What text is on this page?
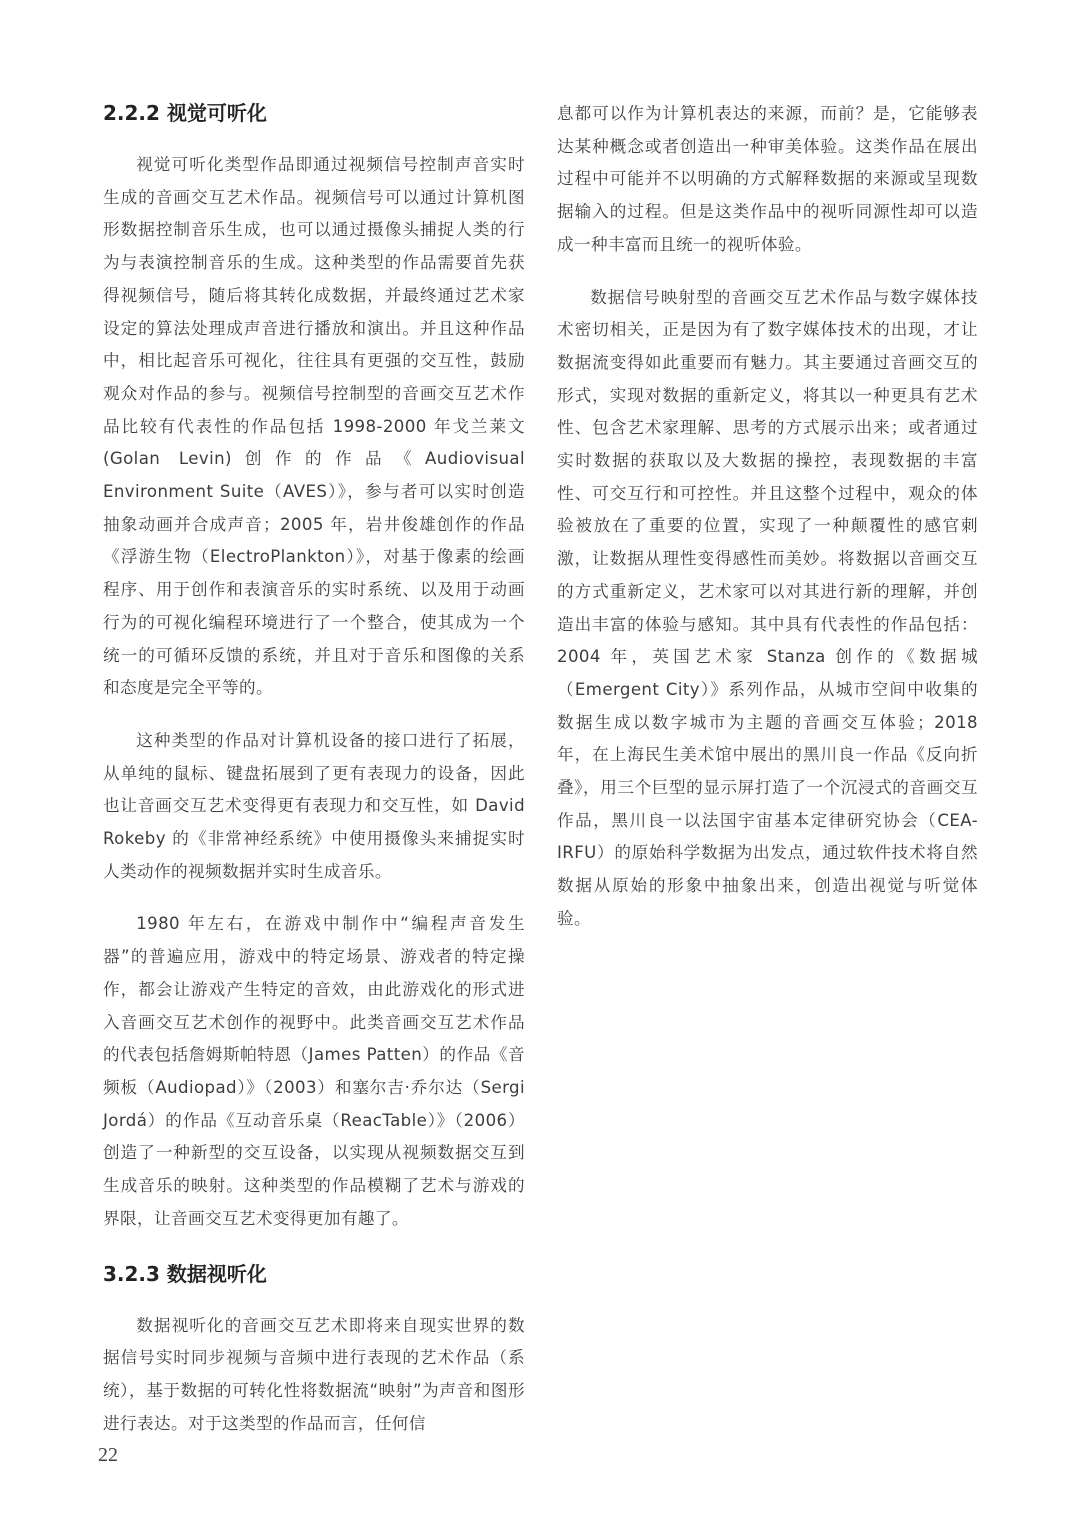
2.2.2 视觉可听化

视觉可听化类型作品即通过视频信号控制声音实时生成的音画交互艺术作品。视频信号可以通过计算机图形数据控制音乐生成，也可以通过摄像头捕捉人类的行为与表演控制音乐的生成。这种类型的作品需要首先获得视频信号，随后将其转化成数据，并最终通过艺术家设定的算法处理成声音进行播放和演出。并且这种作品中，相比起音乐可视化，往往具有更强的交互性，鼓励观众对作品的参与。视频信号控制型的音画交互艺术作品比较有代表性的作品包括 1998-2000 年戈兰莱文(Golan Levin)创作的作品《Audiovisual Environment Suite（AVES）》，参与者可以实时创造抽象动画并合成声音；2005 年，岩井俊雄创作的作品《浮游生物（ElectroPlankton）》，对基于像素的绘画程序、用于创作和表演音乐的实时系统、以及用于动画行为的可视化编程环境进行了一个整合，使其成为一个统一的可循环反馈的系统，并且对于音乐和图像的关系和态度是完全平等的。

这种类型的作品对计算机设备的接口进行了拓展，从单纯的鼠标、键盘拓展到了更有表现力的设备，因此也让音画交互艺术变得更有表现力和交互性，如 David Rokeby 的《非常神经系统》中使用摄像头来捕捉实时人类动作的视频数据并实时生成音乐。

1980 年左右，在游戏中制作中“编程声音发生器”的普遍应用，游戏中的特定场景、游戏者的特定操作，都会让游戏产生特定的音效，由此游戏化的形式进入音画交互艺术创作的视野中。此类音画交互艺术作品的代表包括詹姆斯帕特恩（James Patten）的作品《音频板（Audiopad）》（2003）和塞尔吉·乔尔达（Sergi Jordá）的作品《互动音乐桌（ReacTable）》（2006）创造了一种新型的交互设备，以实现从视频数据交互到生成音乐的映射。这种类型的作品模糊了艺术与游戏的界限，让音画交互艺术变得更加有趣了。

3.2.3 数据视听化

数据视听化的音画交互艺术即将来自现实世界的数据信号实时同步视频与音频中进行表现的艺术作品（系统），基于数据的可转化性将数据流“映射”为声音和图形进行表达。对于这类型的作品而言，任何信

息都可以作为计算机表达的来源，而前？是，它能够表达某种概念或者创造出一种审美体验。这类作品在展出过程中可能并不以明确的方式解释数据的来源或呈现数据输入的过程。但是这类作品中的视听同源性却可以造成一种丰富而且统一的视听体验。

数据信号映射型的音画交互艺术作品与数字媒体技术密切相关，正是因为有了数字媒体技术的出现，才让数据流变得如此重要而有魅力。其主要通过音画交互的形式，实现对数据的重新定义，将其以一种更具有艺术性、包含艺术家理解、思考的方式展示出来；或者通过实时数据的获取以及大数据的操控，表现数据的丰富性、可交互行和可控性。并且这整个过程中，观众的体验被放在了重要的位置，实现了一种颠覆性的感官刺激，让数据从理性变得感性而美妙。将数据以音画交互的方式重新定义，艺术家可以对其进行新的理解，并创造出丰富的体验与感知。其中具有代表性的作品包括：2004 年，英国艺术家 Stanza 创作的《数据城（Emergent City）》系列作品，从城市空间中收集的数据生成以数字城市为主题的音画交互体验；2018 年，在上海民生美术馆中展出的黑川良一作品《反向折叠》，用三个巨型的显示屏打造了一个沉浸式的音画交互作品，黑川良一以法国宇宙基本定律研究协会（CEA-IRFU）的原始科学数据为出发点，通过软件技术将自然数据从原始的形象中抽象出来，创造出视觉与听觉体验。

22
